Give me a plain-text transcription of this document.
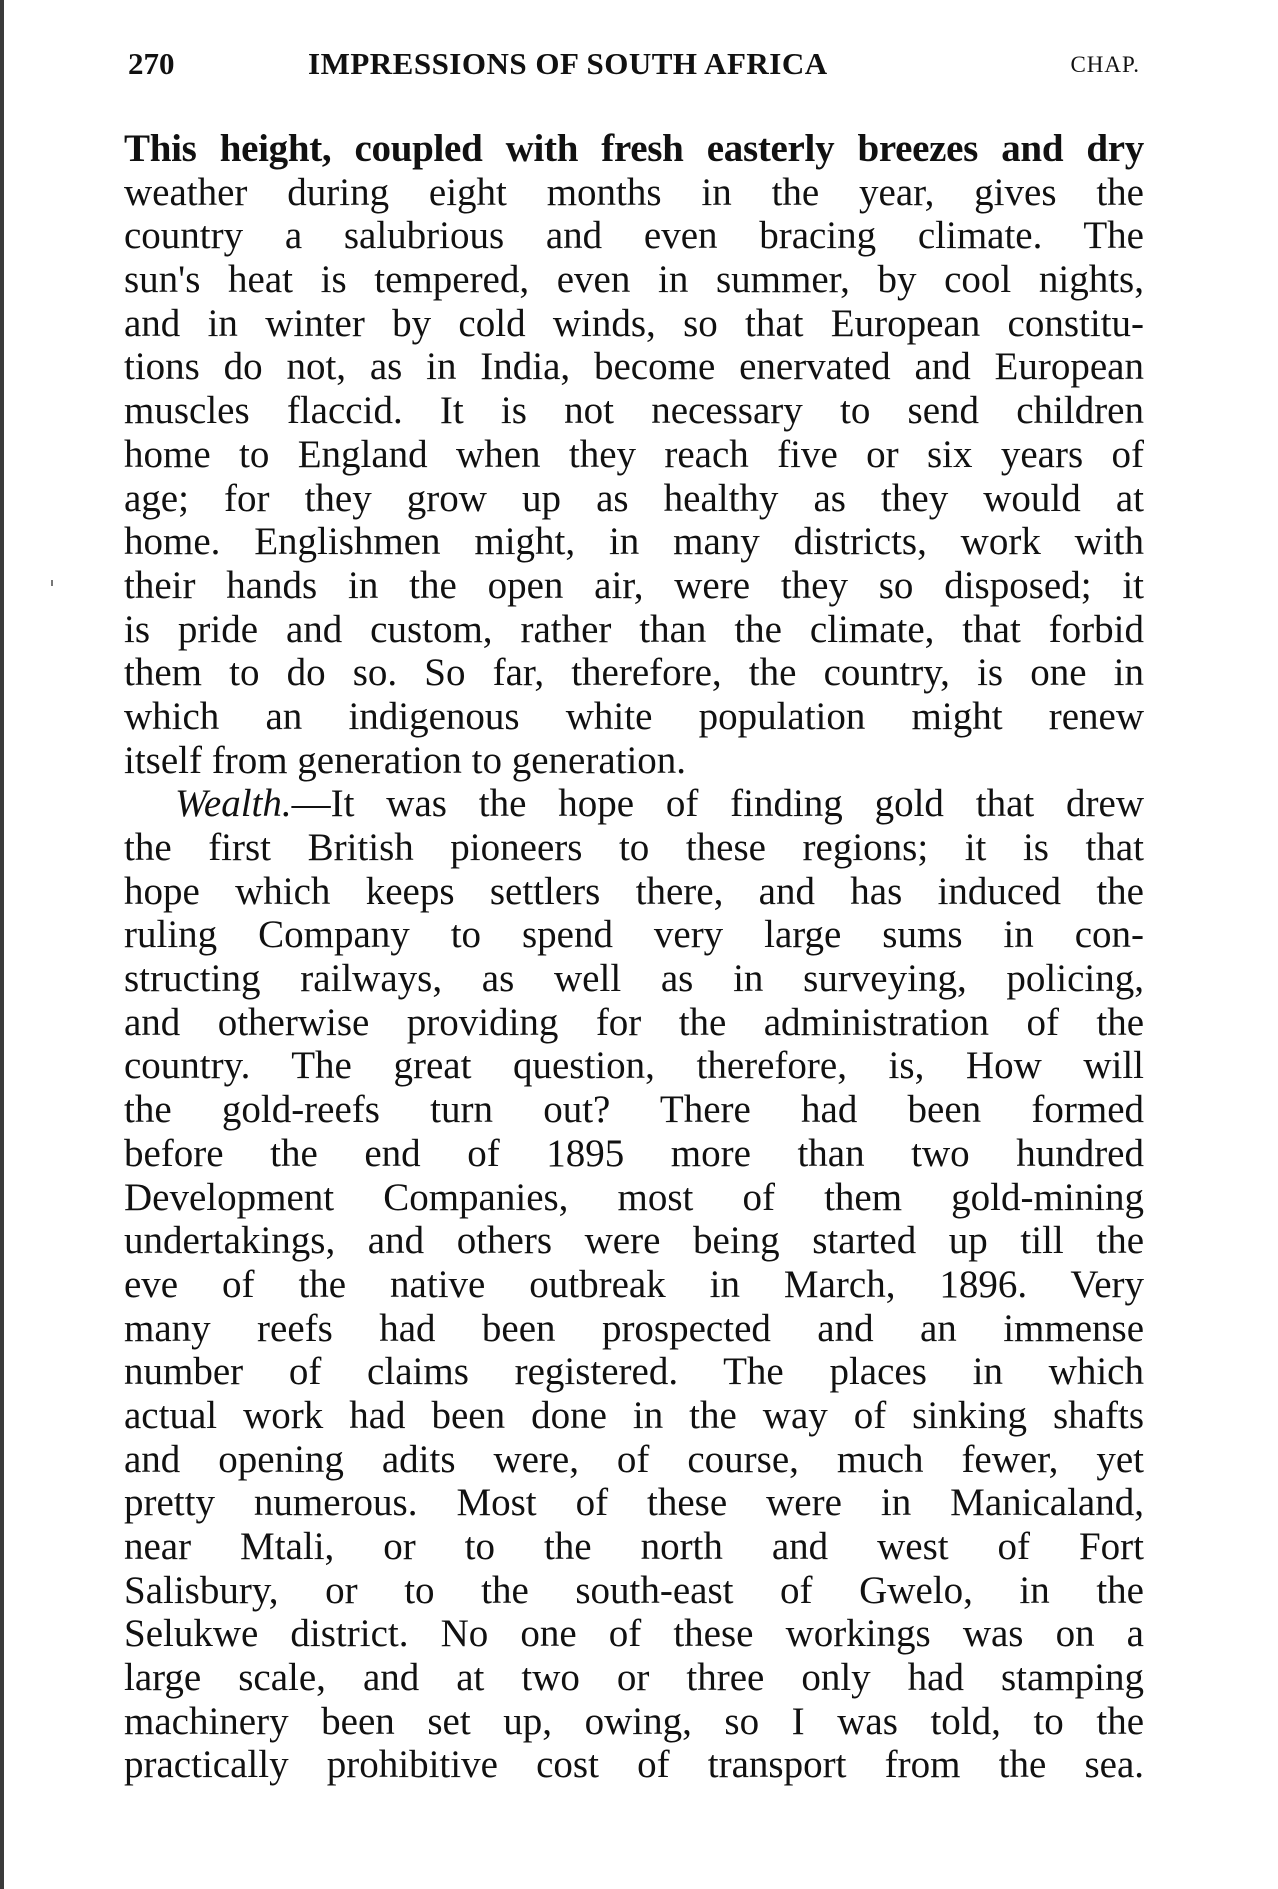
270	IMPRESSIONS OF SOUTH AFRICA	CHAP.
This height, coupled with fresh easterly breezes and dry
weather during eight months in the year, gives the
country a salubrious and even bracing climate. The
sun's heat is tempered, even in summer, by cool nights,
and in winter by cold winds, so that European constitu-
tions do not, as in India, become enervated and European
muscles flaccid. It is not necessary to send children
home to England when they reach five or six years of
age; for they grow up as healthy as they would at
home. Englishmen might, in many districts, work with
their hands in the open air, were they so disposed; it
is pride and custom, rather than the climate, that forbid
them to do so. So far, therefore, the country, is one in
which an indigenous white population might renew
itself from generation to generation.
Wealth.—It was the hope of finding gold that drew
the first British pioneers to these regions; it is that
hope which keeps settlers there, and has induced the
ruling Company to spend very large sums in con-
structing railways, as well as in surveying, policing,
and otherwise providing for the administration of the
country. The great question, therefore, is, How will
the gold-reefs turn out? There had been formed
before the end of 1895 more than two hundred
Development Companies, most of them gold-mining
undertakings, and others were being started up till the
eve of the native outbreak in March, 1896. Very
many reefs had been prospected and an immense
number of claims registered. The places in which
actual work had been done in the way of sinking shafts
and opening adits were, of course, much fewer, yet
pretty numerous. Most of these were in Manicaland,
near Mtali, or to the north and west of Fort
Salisbury, or to the south-east of Gwelo, in the
Selukwe district. No one of these workings was on a
large scale, and at two or three only had stamping
machinery been set up, owing, so I was told, to the
practically prohibitive cost of transport from the sea.
